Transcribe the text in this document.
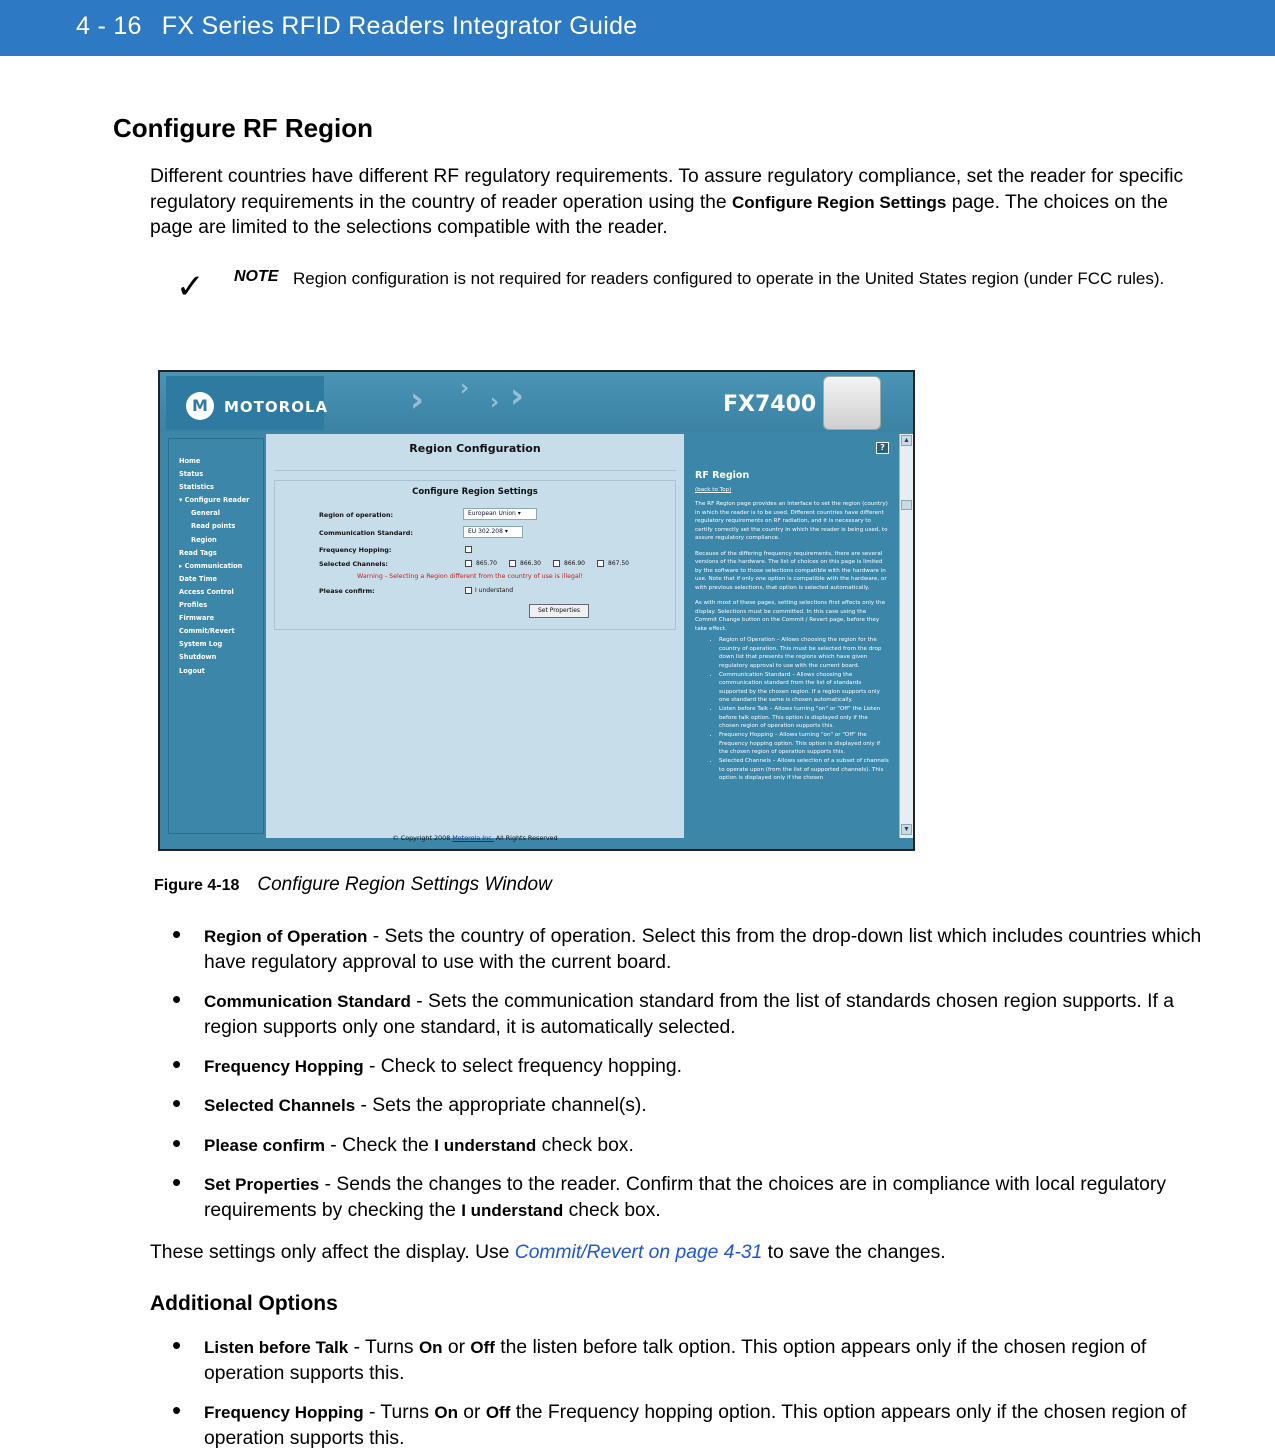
4 - 16 FX Series RFID Readers Integrator Guide
Configure RF Region
Different countries have different RF regulatory requirements. To assure regulatory compliance, set the reader for specific regulatory requirements in the country of reader operation using the Configure Region Settings page. The choices on the page are limited to the selections compatible with the reader.
✓ NOTE Region configuration is not required for readers configured to operate in the United States region (under FCC rules).
M	MOTOROLA › ›
› ›	FX7400
Home
Status
Statistics
▾ Configure Reader
General
Read points
Region
Read Tags
▸ Communication
Date Time
Access Control
Profiles
Firmware
Commit/Revert
System Log
Shutdown
Logout
Region Configuration
Configure Region Settings
Region of operation:	European Union ▾
Communication Standard:	EU 302.208 ▾
Frequency Hopping:
Selected Channels:	865.70	866.30	866.90	867.50
Warning - Selecting a Region different from the country of use is illegal!
Please confirm:	I understand
Set Properties
© Copyright 2008 Motorola Inc. All Rights Reserved
?
RF Region
(back to Top)
The RF Region page provides an interface to set the region (country) in which the reader is to be used. Different countries have different regulatory requirements on RF radiation, and it is necessary to certify correctly set the country in which the reader is being used, to assure regulatory compliance.
Because of the differing frequency requirements, there are several versions of the hardware. The list of choices on this page is limited by the software to those selections compatible with the hardware in use. Note that if only one option is compatible with the hardware, or with previous selections, that option is selected automatically.
As with most of these pages, setting selections first affects only the display. Selections must be committed. In this case using the Commit Change button on the Commit / Revert page, before they take effect.
• Region of Operation – Allows choosing the region for the country of operation. This must be selected from the drop down list that presents the regions which have given regulatory approval to use with the current board.
• Communication Standard – Allows choosing the communication standard from the list of standards supported by the chosen region. If a region supports only one standard the same is chosen automatically.
• Listen before Talk – Allows turning "on" or "Off" the Listen before talk option. This option is displayed only if the chosen region of operation supports this.
• Frequency Hopping – Allows turning "on" or "Off" the Frequency hopping option. This option is displayed only if the chosen region of operation supports this.
• Selected Channels – Allows selection of a subset of channels to operate upon (from the list of supported channels). This option is displayed only if the chosen
▲
▼
Figure 4-18 Configure Region Settings Window
• Region of Operation - Sets the country of operation. Select this from the drop-down list which includes countries which have regulatory approval to use with the current board.
• Communication Standard - Sets the communication standard from the list of standards chosen region supports. If a region supports only one standard, it is automatically selected.
• Frequency Hopping - Check to select frequency hopping.
• Selected Channels - Sets the appropriate channel(s).
• Please confirm - Check the I understand check box.
• Set Properties - Sends the changes to the reader. Confirm that the choices are in compliance with local regulatory requirements by checking the I understand check box.
These settings only affect the display. Use Commit/Revert on page 4-31 to save the changes.
Additional Options
• Listen before Talk - Turns On or Off the listen before talk option. This option appears only if the chosen region of operation supports this.
• Frequency Hopping - Turns On or Off the Frequency hopping option. This option appears only if the chosen region of operation supports this.
